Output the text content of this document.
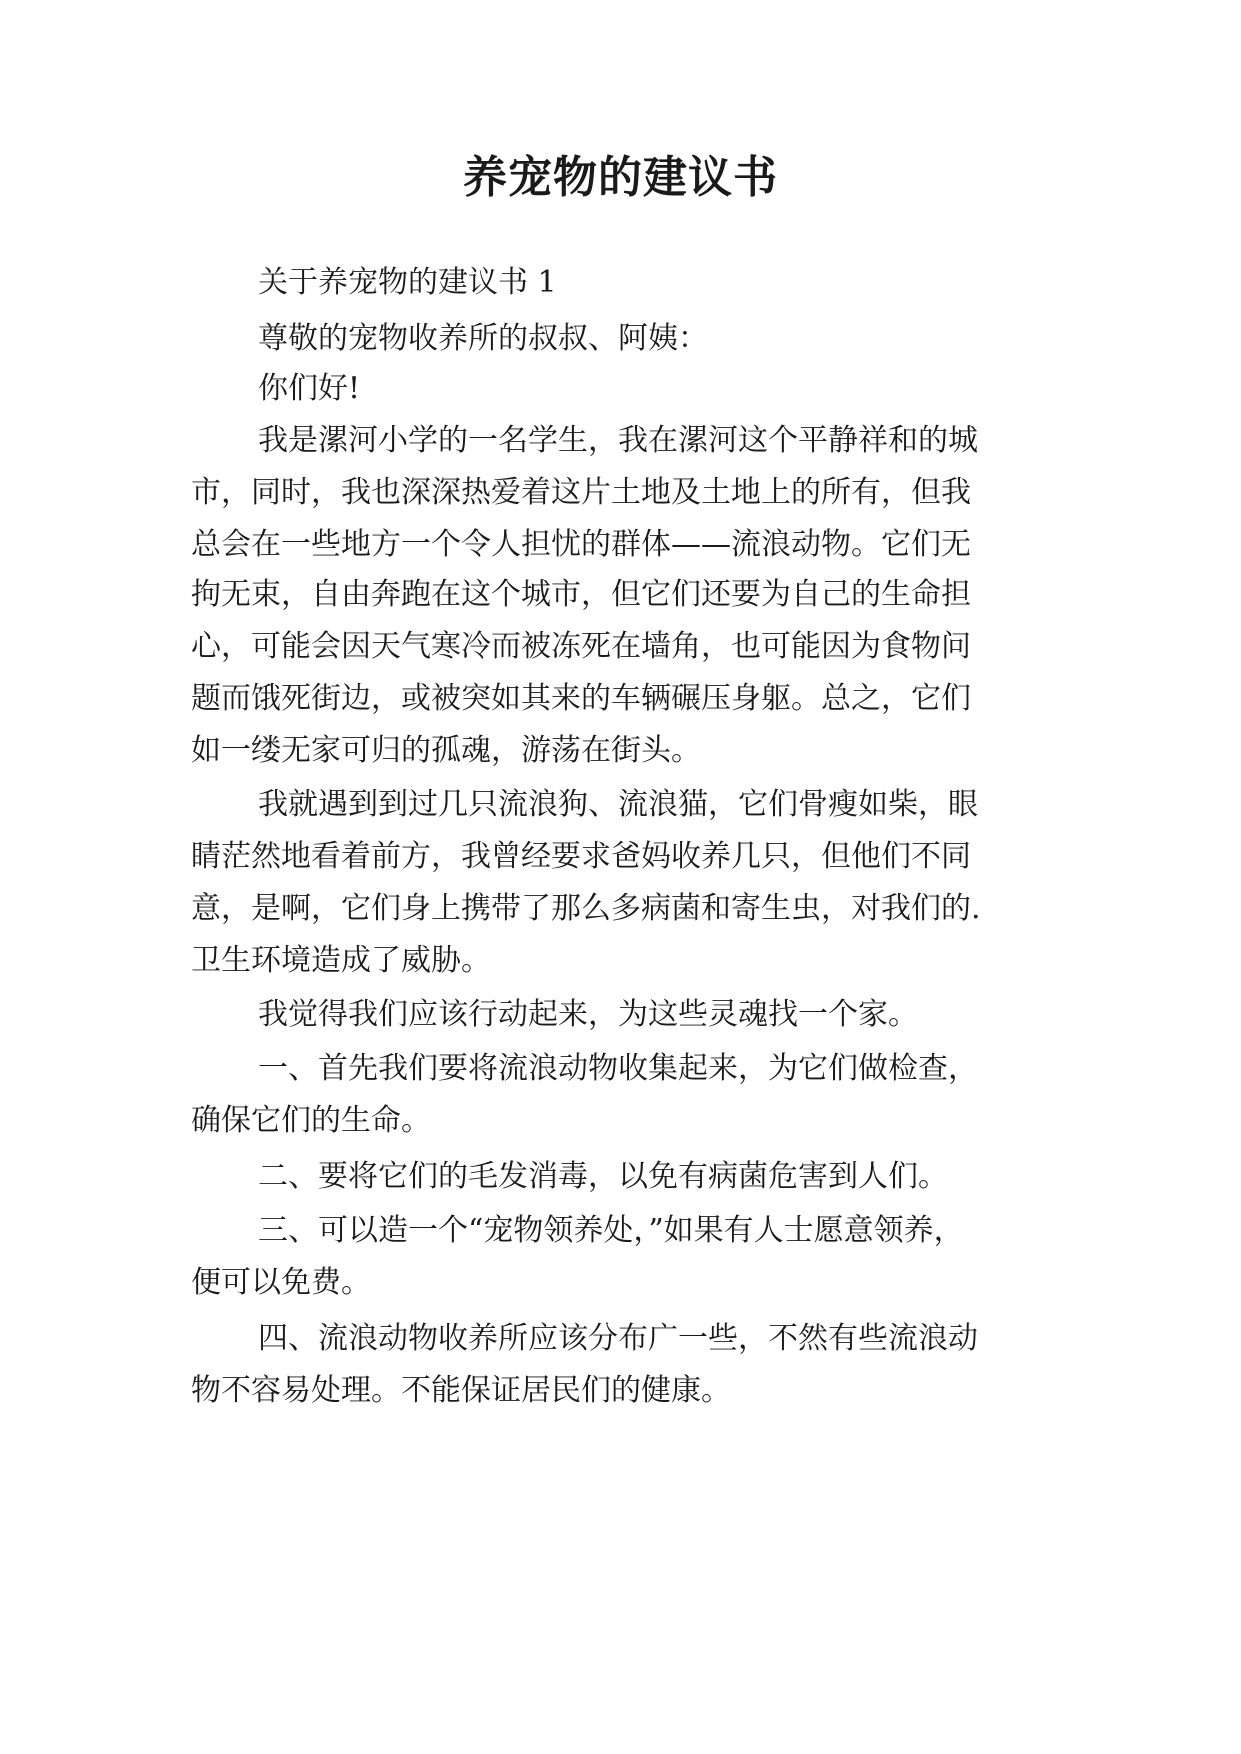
养宠物的建议书
关于养宠物的建议书 1
尊敬的宠物收养所的叔叔、阿姨：
你们好!
我是漯河小学的一名学生，我在漯河这个平静祥和的城
市，同时，我也深深热爱着这片土地及土地上的所有，但我
总会在一些地方一个令人担忧的群体——流浪动物。它们无
拘无束，自由奔跑在这个城市，但它们还要为自己的生命担
心，可能会因天气寒冷而被冻死在墙角，也可能因为食物问
题而饿死街边，或被突如其来的车辆碾压身躯。总之，它们
如一缕无家可归的孤魂，游荡在街头。
我就遇到到过几只流浪狗、流浪猫，它们骨瘦如柴，眼
睛茫然地看着前方，我曾经要求爸妈收养几只，但他们不同
意，是啊，它们身上携带了那么多病菌和寄生虫，对我们的.
卫生环境造成了威胁。
我觉得我们应该行动起来，为这些灵魂找一个家。
一、首先我们要将流浪动物收集起来，为它们做检查，
确保它们的生命。
二、要将它们的毛发消毒，以免有病菌危害到人们。
三、可以造一个“宠物领养处，”如果有人士愿意领养，
便可以免费。
四、流浪动物收养所应该分布广一些，不然有些流浪动
物不容易处理。不能保证居民们的健康。
